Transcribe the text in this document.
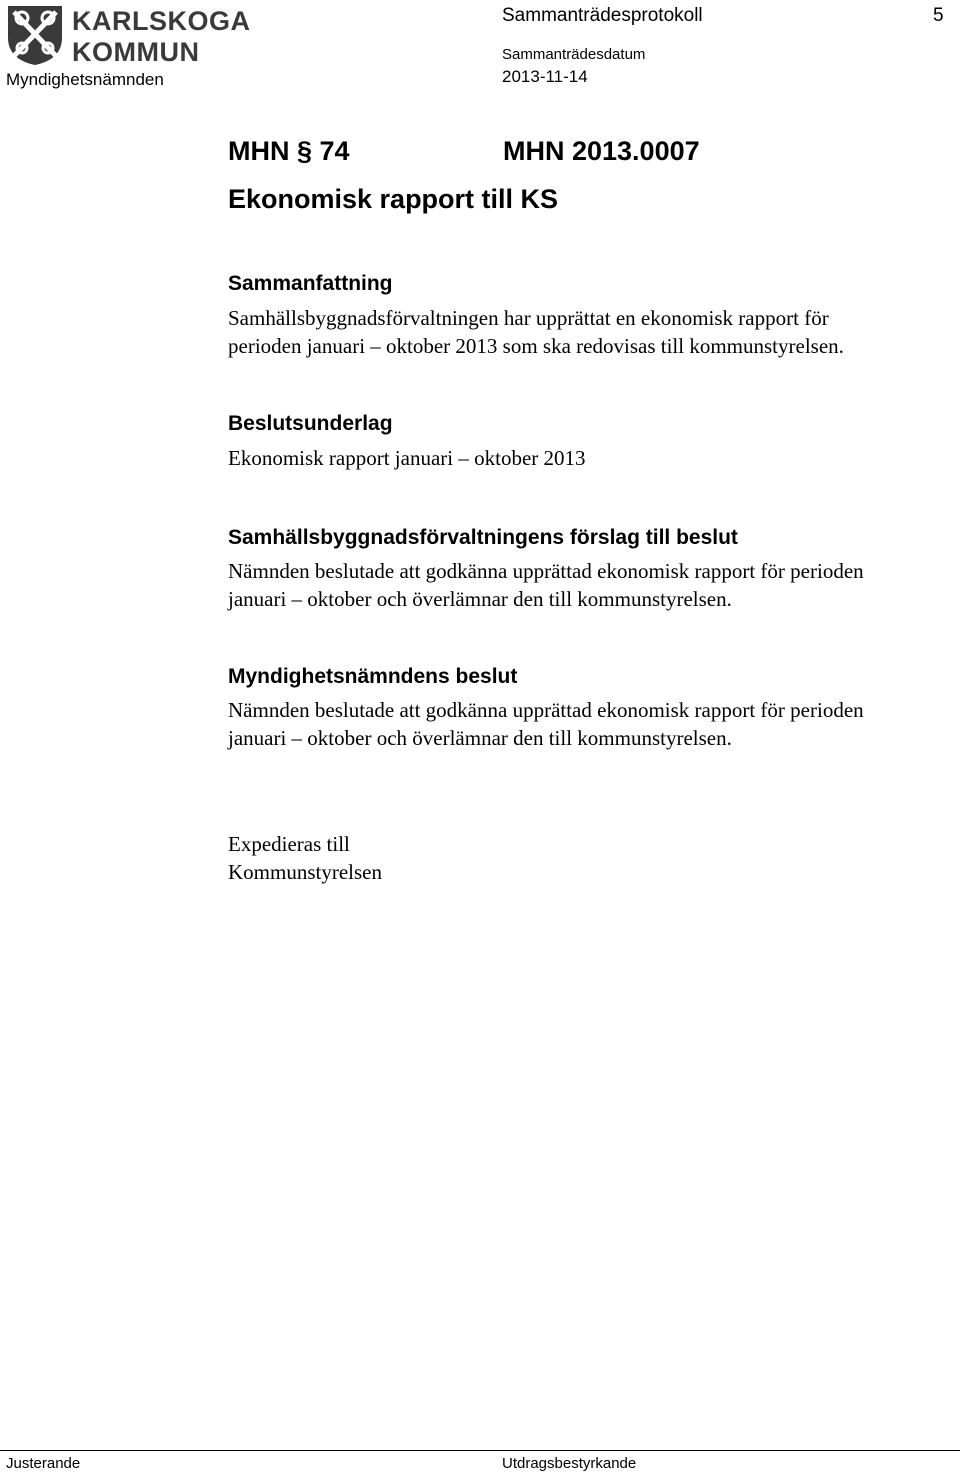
KARLSKOGA
KOMMUN
Myndighetsnämnden
Sammanträdesprotokoll	5
Sammanträdesdatum
2013-11-14
MHN § 74	MHN 2013.0007
Ekonomisk rapport till KS
Sammanfattning
Samhällsbyggnadsförvaltningen har upprättat en ekonomisk rapport för
perioden januari – oktober 2013 som ska redovisas till kommunstyrelsen.
Beslutsunderlag
Ekonomisk rapport januari – oktober 2013
Samhällsbyggnadsförvaltningens förslag till beslut
Nämnden beslutade att godkänna upprättad ekonomisk rapport för perioden
januari – oktober och överlämnar den till kommunstyrelsen.
Myndighetsnämndens beslut
Nämnden beslutade att godkänna upprättad ekonomisk rapport för perioden
januari – oktober och överlämnar den till kommunstyrelsen.
Expedieras till
Kommunstyrelsen
Justerande	Utdragsbestyrkande
